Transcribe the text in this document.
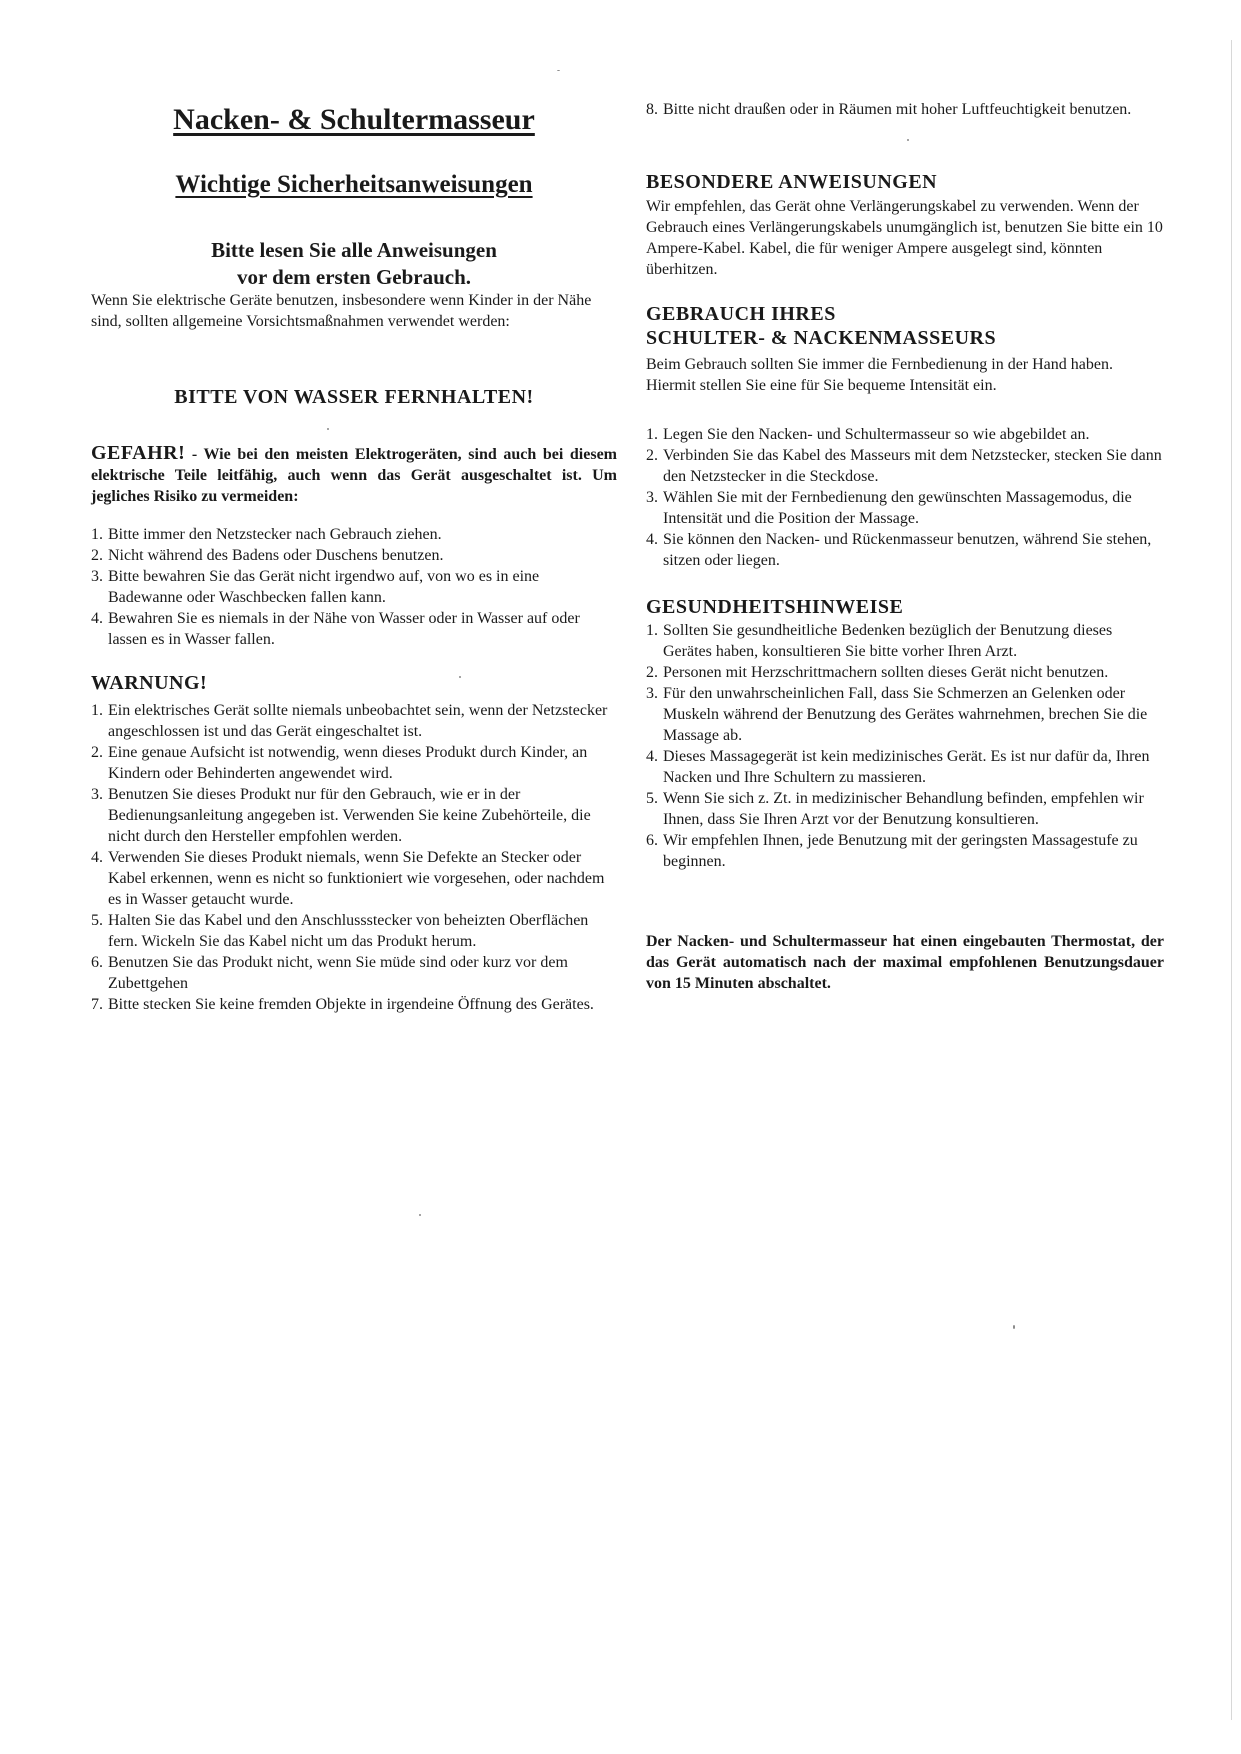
Nacken- & Schultermasseur
Wichtige Sicherheitsanweisungen
Bitte lesen Sie alle Anweisungen
vor dem ersten Gebrauch.

Wenn Sie elektrische Geräte benutzen, insbesondere wenn Kinder in der Nähe sind, sollten allgemeine Vorsichtsmaßnahmen verwendet werden:

BITTE VON WASSER FERNHALTEN!

GEFAHR! - Wie bei den meisten Elektrogeräten, sind auch bei diesem elektrische Teile leitfähig, auch wenn das Gerät ausgeschaltet ist. Um jegliches Risiko zu vermeiden:

1. Bitte immer den Netzstecker nach Gebrauch ziehen.
2. Nicht während des Badens oder Duschens benutzen.
3. Bitte bewahren Sie das Gerät nicht irgendwo auf, von wo es in eine Badewanne oder Waschbecken fallen kann.
4. Bewahren Sie es niemals in der Nähe von Wasser oder in Wasser auf oder lassen es in Wasser fallen.
WARNUNG!
1. Ein elektrisches Gerät sollte niemals unbeobachtet sein, wenn der Netzstecker angeschlossen ist und das Gerät eingeschaltet ist.
2. Eine genaue Aufsicht ist notwendig, wenn dieses Produkt durch Kinder, an Kindern oder Behinderten angewendet wird.
3. Benutzen Sie dieses Produkt nur für den Gebrauch, wie er in der Bedienungsanleitung angegeben ist. Verwenden Sie keine Zubehörteile, die nicht durch den Hersteller empfohlen werden.
4. Verwenden Sie dieses Produkt niemals, wenn Sie Defekte an Stecker oder Kabel erkennen, wenn es nicht so funktioniert wie vorgesehen, oder nachdem es in Wasser getaucht wurde.
5. Halten Sie das Kabel und den Anschlussstecker von beheizten Oberflächen fern. Wickeln Sie das Kabel nicht um das Produkt herum.
6. Benutzen Sie das Produkt nicht, wenn Sie müde sind oder kurz vor dem Zubettgehen
7. Bitte stecken Sie keine fremden Objekte in irgendeine Öffnung des Gerätes.
8. Bitte nicht draußen oder in Räumen mit hoher Luftfeuchtigkeit benutzen.
BESONDERE ANWEISUNGEN

Wir empfehlen, das Gerät ohne Verlängerungskabel zu verwenden. Wenn der Gebrauch eines Verlängerungskabels unumgänglich ist, benutzen Sie bitte ein 10 Ampere-Kabel. Kabel, die für weniger Ampere ausgelegt sind, könnten überhitzen.

GEBRAUCH IHRES
SCHULTER- & NACKENMASSEURS

Beim Gebrauch sollten Sie immer die Fernbedienung in der Hand haben. Hiermit stellen Sie eine für Sie bequeme Intensität ein.

1. Legen Sie den Nacken- und Schultermasseur so wie abgebildet an.
2. Verbinden Sie das Kabel des Masseurs mit dem Netzstecker, stecken Sie dann den Netzstecker in die Steckdose.
3. Wählen Sie mit der Fernbedienung den gewünschten Massagemodus, die Intensität und die Position der Massage.
4. Sie können den Nacken- und Rückenmasseur benutzen, während Sie stehen, sitzen oder liegen.
GESUNDHEITSHINWEISE
1. Sollten Sie gesundheitliche Bedenken bezüglich der Benutzung dieses Gerätes haben, konsultieren Sie bitte vorher Ihren Arzt.
2. Personen mit Herzschrittmachern sollten dieses Gerät nicht benutzen.
3. Für den unwahrscheinlichen Fall, dass Sie Schmerzen an Gelenken oder Muskeln während der Benutzung des Gerätes wahrnehmen, brechen Sie die Massage ab.
4. Dieses Massagegerät ist kein medizinisches Gerät. Es ist nur dafür da, Ihren Nacken und Ihre Schultern zu massieren.
5. Wenn Sie sich z. Zt. in medizinischer Behandlung befinden, empfehlen wir Ihnen, dass Sie Ihren Arzt vor der Benutzung konsultieren.
6. Wir empfehlen Ihnen, jede Benutzung mit der geringsten Massagestufe zu beginnen.

Der Nacken- und Schultermasseur hat einen eingebauten Thermostat, der das Gerät automatisch nach der maximal empfohlenen Benutzungsdauer von 15 Minuten abschaltet.
